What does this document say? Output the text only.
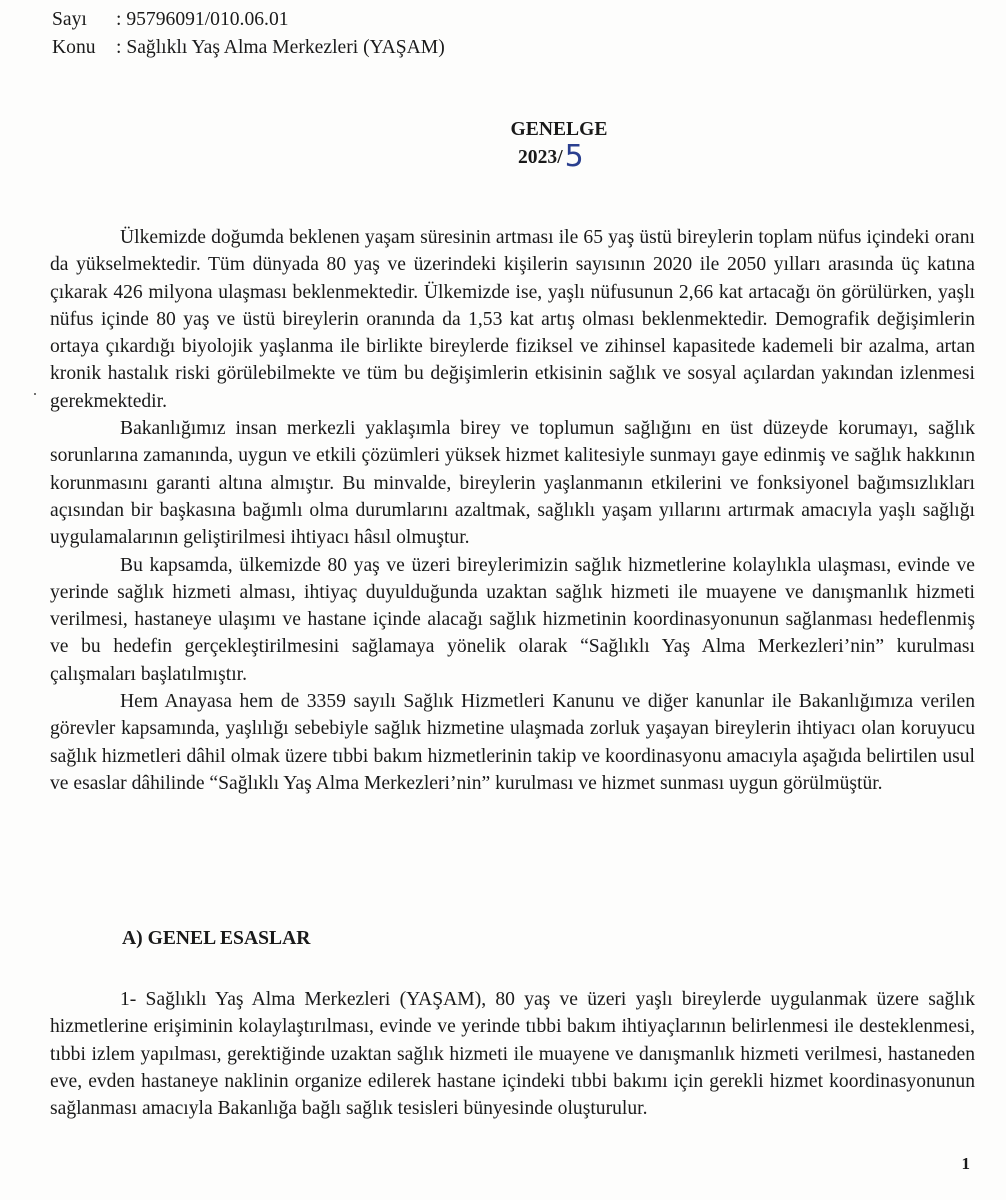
Sayı : 95796091/010.06.01
Konu : Sağlıklı Yaş Alma Merkezleri (YAŞAM)
GENELGE
2023/5

Ülkemizde doğumda beklenen yaşam süresinin artması ile 65 yaş üstü bireylerin toplam nüfus içindeki oranı da yükselmektedir. Tüm dünyada 80 yaş ve üzerindeki kişilerin sayısının 2020 ile 2050 yılları arasında üç katına çıkarak 426 milyona ulaşması beklenmektedir. Ülkemizde ise, yaşlı nüfusunun 2,66 kat artacağı ön görülürken, yaşlı nüfus içinde 80 yaş ve üstü bireylerin oranında da 1,53 kat artış olması beklenmektedir. Demografik değişimlerin ortaya çıkardığı biyolojik yaşlanma ile birlikte bireylerde fiziksel ve zihinsel kapasitede kademeli bir azalma, artan kronik hastalık riski görülebilmekte ve tüm bu değişimlerin etkisinin sağlık ve sosyal açılardan yakından izlenmesi gerekmektedir.

Bakanlığımız insan merkezli yaklaşımla birey ve toplumun sağlığını en üst düzeyde korumayı, sağlık sorunlarına zamanında, uygun ve etkili çözümleri yüksek hizmet kalitesiyle sunmayı gaye edinmiş ve sağlık hakkının korunmasını garanti altına almıştır. Bu minvalde, bireylerin yaşlanmanın etkilerini ve fonksiyonel bağımsızlıkları açısından bir başkasına bağımlı olma durumlarını azaltmak, sağlıklı yaşam yıllarını artırmak amacıyla yaşlı sağlığı uygulamalarının geliştirilmesi ihtiyacı hâsıl olmuştur.

Bu kapsamda, ülkemizde 80 yaş ve üzeri bireylerimizin sağlık hizmetlerine kolaylıkla ulaşması, evinde ve yerinde sağlık hizmeti alması, ihtiyaç duyulduğunda uzaktan sağlık hizmeti ile muayene ve danışmanlık hizmeti verilmesi, hastaneye ulaşımı ve hastane içinde alacağı sağlık hizmetinin koordinasyonunun sağlanması hedeflenmiş ve bu hedefin gerçekleştirilmesini sağlamaya yönelik olarak “Sağlıklı Yaş Alma Merkezleri’nin” kurulması çalışmaları başlatılmıştır.

Hem Anayasa hem de 3359 sayılı Sağlık Hizmetleri Kanunu ve diğer kanunlar ile Bakanlığımıza verilen görevler kapsamında, yaşlılığı sebebiyle sağlık hizmetine ulaşmada zorluk yaşayan bireylerin ihtiyacı olan koruyucu sağlık hizmetleri dâhil olmak üzere tıbbi bakım hizmetlerinin takip ve koordinasyonu amacıyla aşağıda belirtilen usul ve esaslar dâhilinde “Sağlıklı Yaş Alma Merkezleri’nin” kurulması ve hizmet sunması uygun görülmüştür.

A) GENEL ESASLAR

1- Sağlıklı Yaş Alma Merkezleri (YAŞAM), 80 yaş ve üzeri yaşlı bireylerde uygulanmak üzere sağlık hizmetlerine erişiminin kolaylaştırılması, evinde ve yerinde tıbbi bakım ihtiyaçlarının belirlenmesi ile desteklenmesi, tıbbi izlem yapılması, gerektiğinde uzaktan sağlık hizmeti ile muayene ve danışmanlık hizmeti verilmesi, hastaneden eve, evden hastaneye naklinin organize edilerek hastane içindeki tıbbi bakımı için gerekli hizmet koordinasyonunun sağlanması amacıyla Bakanlığa bağlı sağlık tesisleri bünyesinde oluşturulur.

1
